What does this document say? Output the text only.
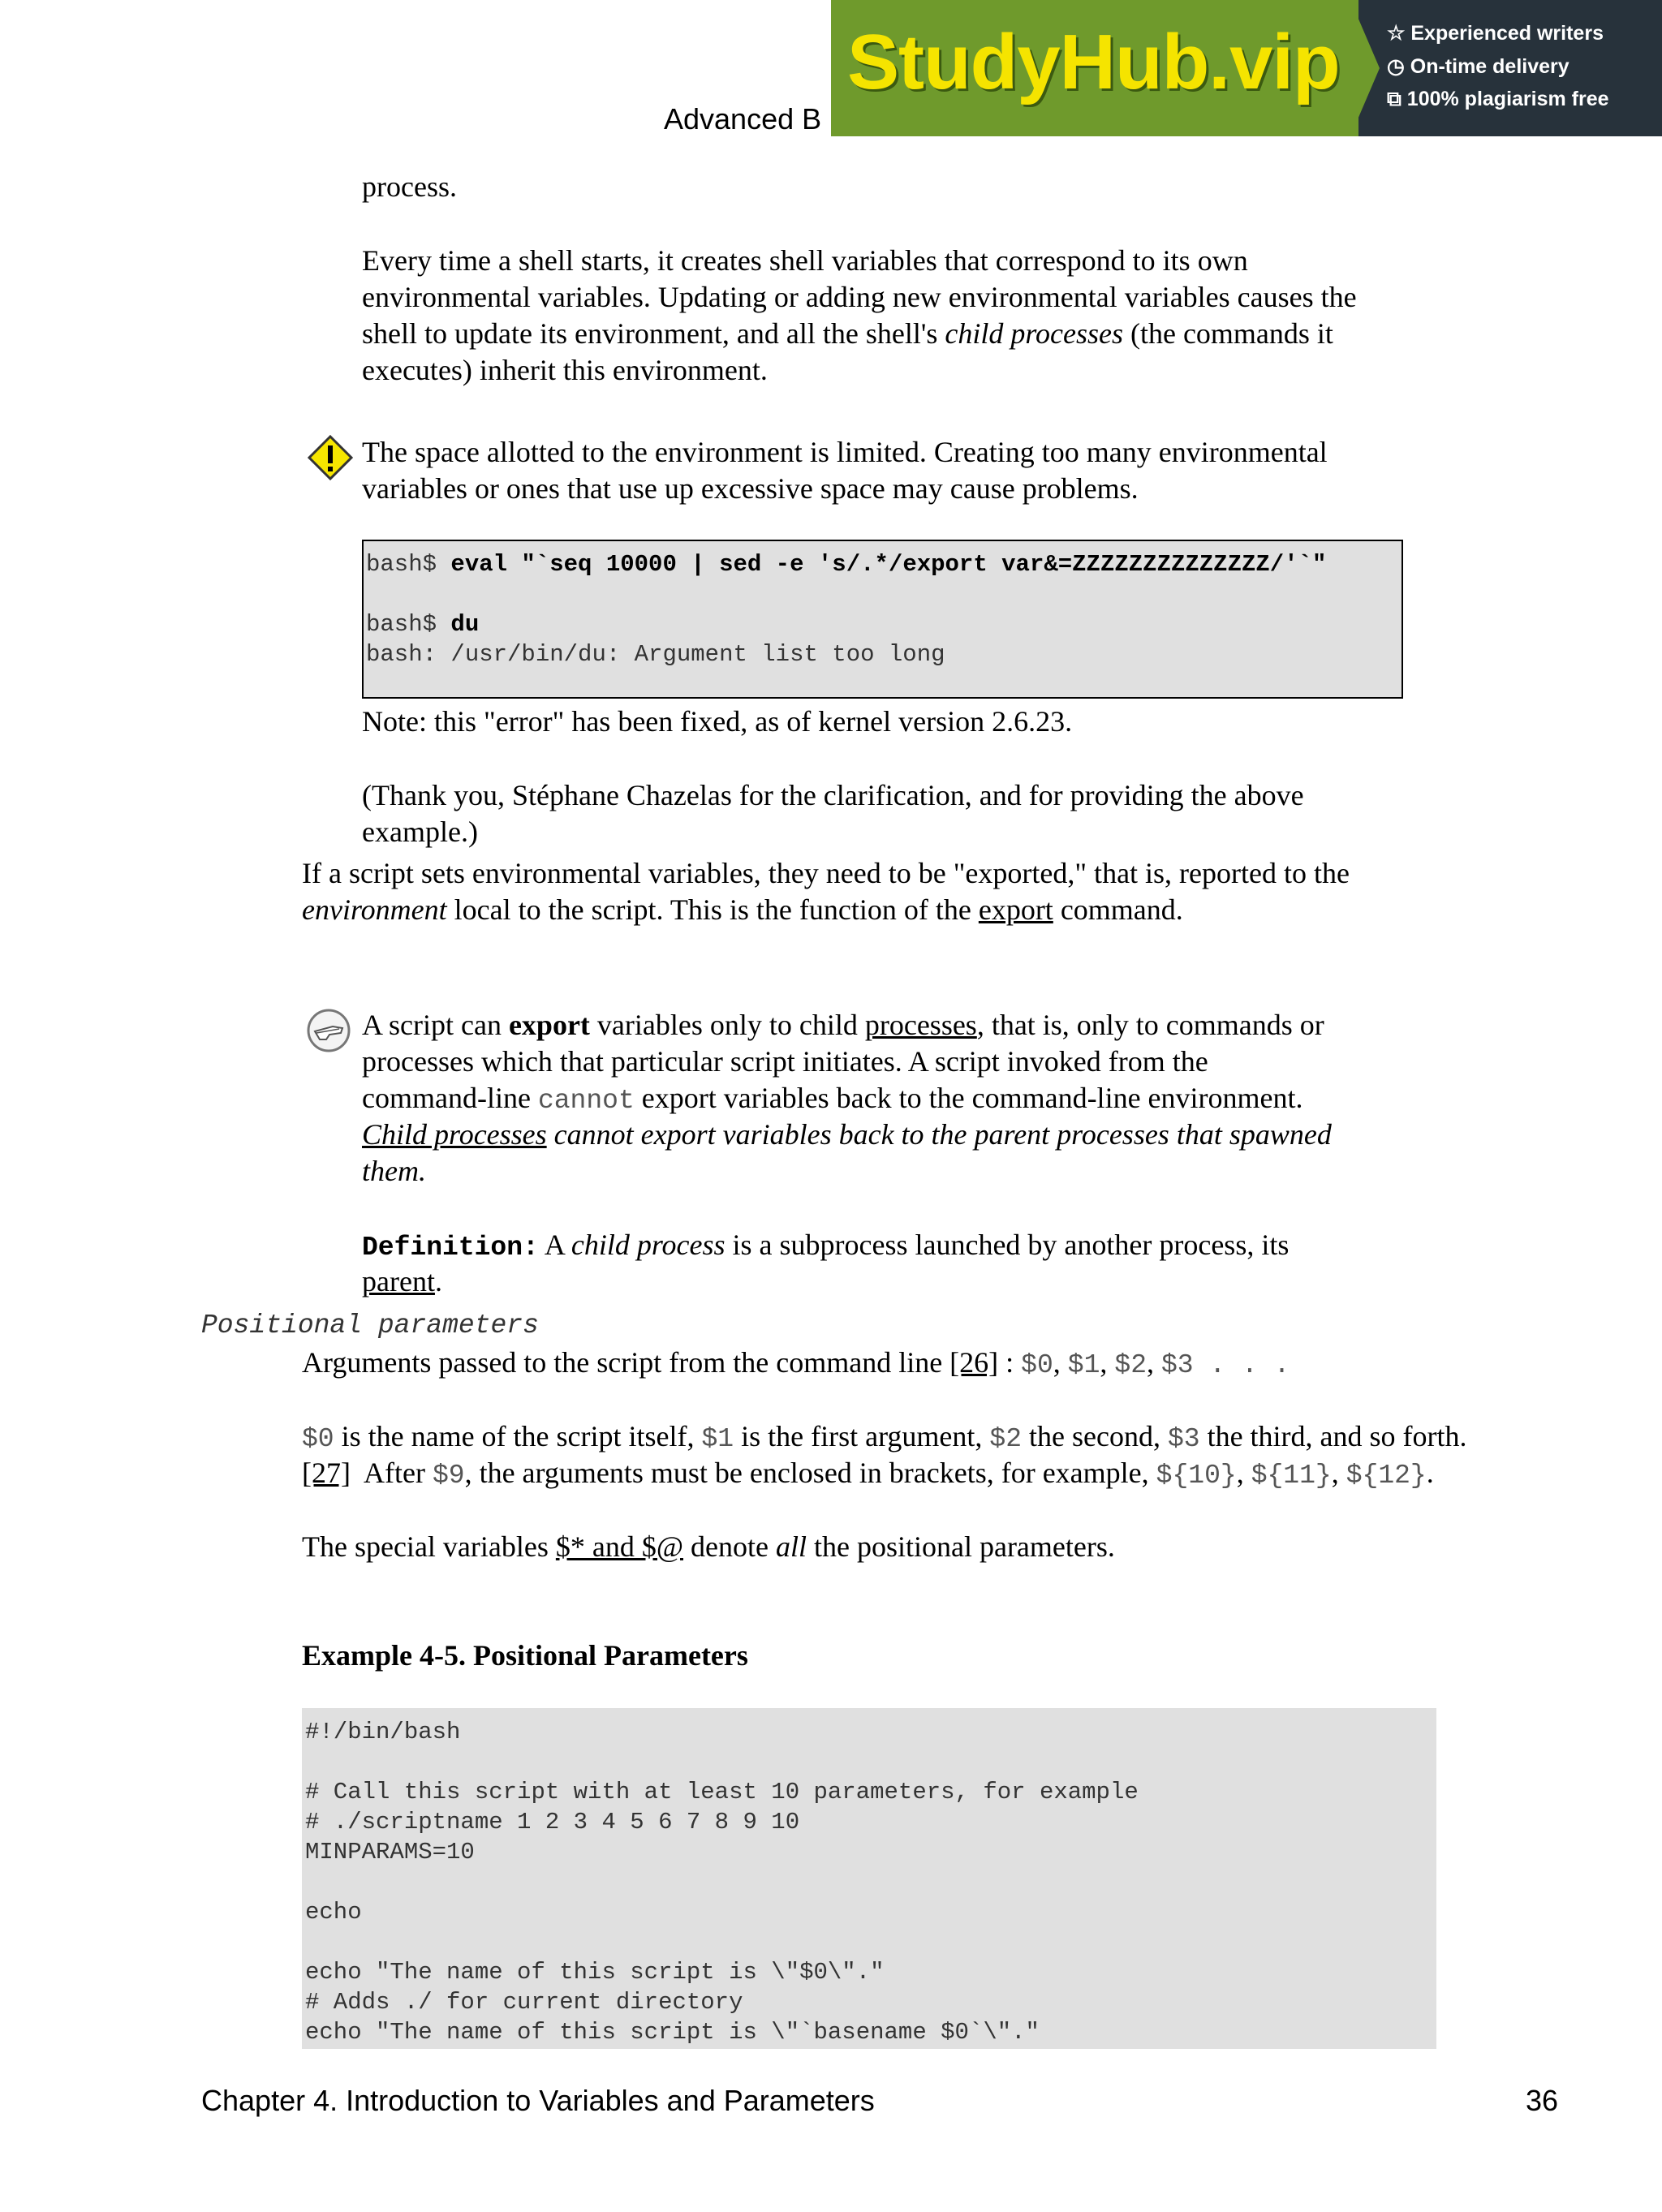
StudyHub.vip ☆ Experienced writers
◷ On-time delivery
⧉ 100% plagiarism free
Advanced B
process.
Every time a shell starts, it creates shell variables that correspond to its own
environmental variables. Updating or adding new environmental variables causes the
shell to update its environment, and all the shell's child processes (the commands it
executes) inherit this environment.
The space allotted to the environment is limited. Creating too many environmental
variables or ones that use up excessive space may cause problems.
bash$ eval "`seq 10000 | sed -e 's/.*/export var&=ZZZZZZZZZZZZZZ/'`"
bash$ du
bash: /usr/bin/du: Argument list too long
Note: this "error" has been fixed, as of kernel version 2.6.23.
(Thank you, Stéphane Chazelas for the clarification, and for providing the above
example.)
If a script sets environmental variables, they need to be "exported," that is, reported to the
environment local to the script. This is the function of the export command.
A script can export variables only to child processes, that is, only to commands or
processes which that particular script initiates. A script invoked from the
command-line cannot export variables back to the command-line environment.
Child processes cannot export variables back to the parent processes that spawned
them.
Definition: A child process is a subprocess launched by another process, its
parent.
Positional parameters
Arguments passed to the script from the command line [26] : $0, $1, $2, $3 . . .
$0 is the name of the script itself, $1 is the first argument, $2 the second, $3 the third, and so forth.
[27]  After $9, the arguments must be enclosed in brackets, for example, ${10}, ${11}, ${12}.
The special variables $* and $@ denote all the positional parameters.
Example 4-5. Positional Parameters
#!/bin/bash
# Call this script with at least 10 parameters, for example
# ./scriptname 1 2 3 4 5 6 7 8 9 10
MINPARAMS=10
echo
echo "The name of this script is \"$0\"."
# Adds ./ for current directory
echo "The name of this script is \"`basename $0`\"."
Chapter 4. Introduction to Variables and Parameters	36
